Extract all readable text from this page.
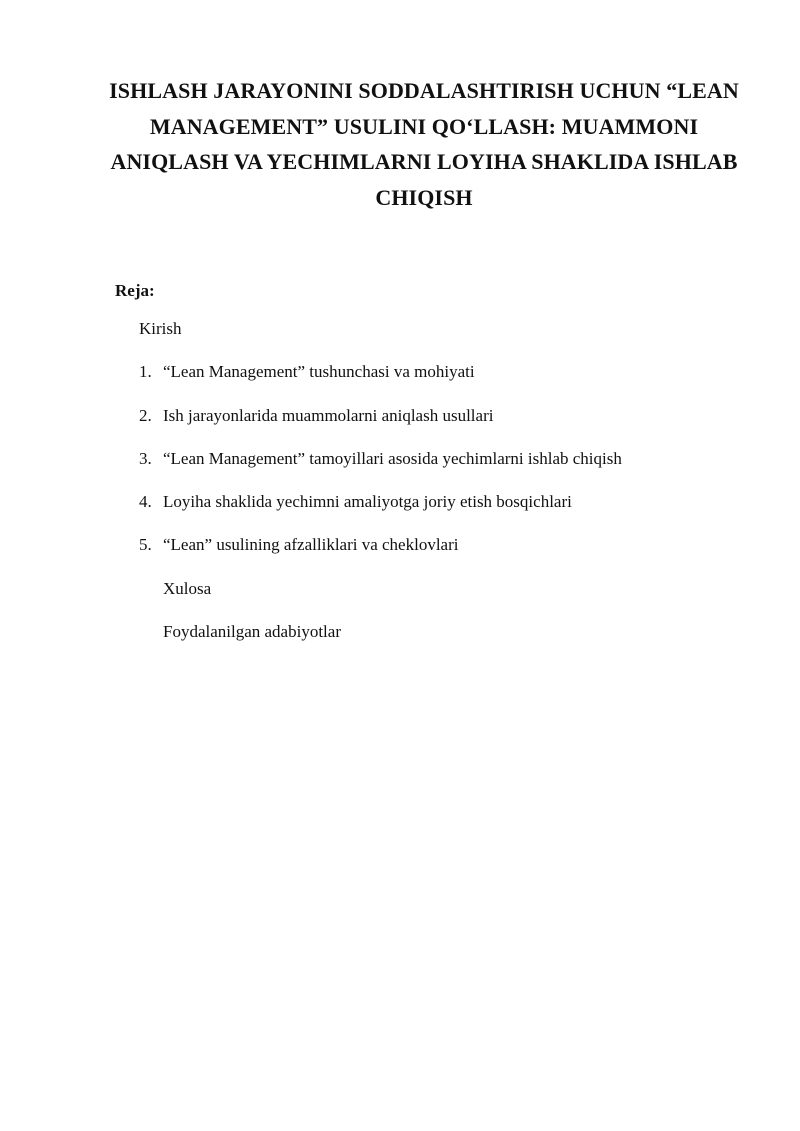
ISHLASH JARAYONINI SODDALASHTIRISH UCHUN “LEAN
MANAGEMENT” USULINI QO‘LLASH: MUAMMONI
ANIQLASH VA YECHIMLARNI LOYIHA SHAKLIDA ISHLAB
CHIQISH
Reja:
Kirish
1. “Lean Management” tushunchasi va mohiyati
2. Ish jarayonlarida muammolarni aniqlash usullari
3. “Lean Management” tamoyillari asosida yechimlarni ishlab chiqish
4. Loyiha shaklida yechimni amaliyotga joriy etish bosqichlari
5. “Lean” usulining afzalliklari va cheklovlari
Xulosa
Foydalanilgan adabiyotlar
